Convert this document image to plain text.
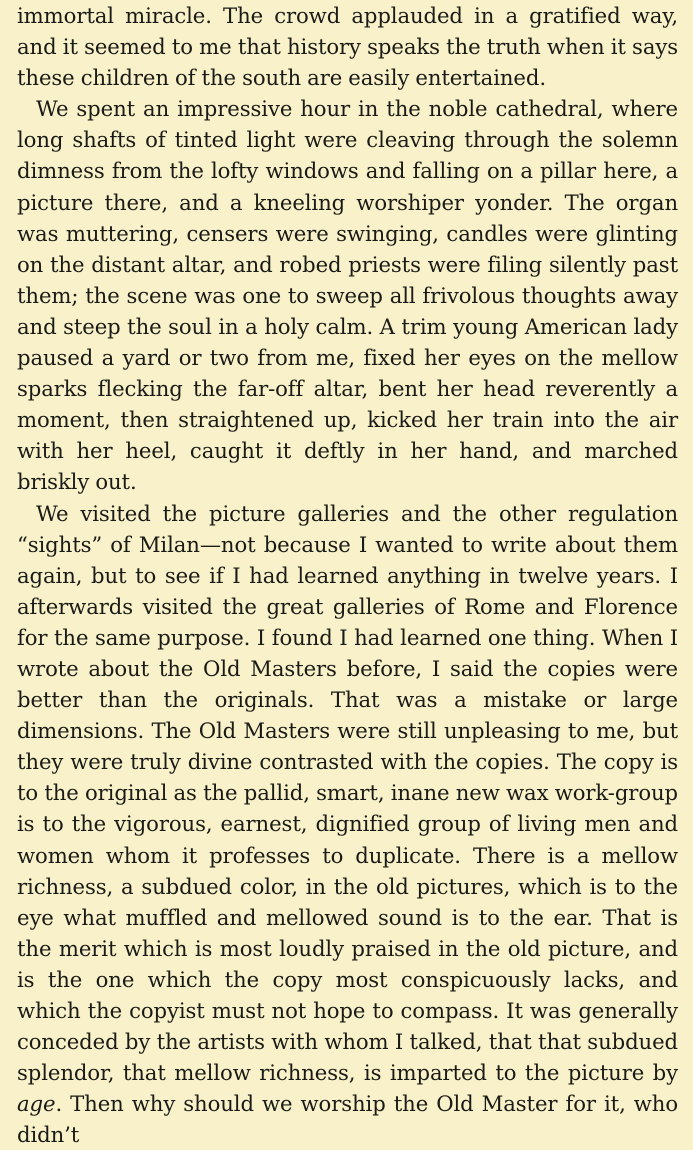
immortal miracle. The crowd applauded in a gratified way, and it seemed to me that history speaks the truth when it says these children of the south are easily entertained.

We spent an impressive hour in the noble cathedral, where long shafts of tinted light were cleaving through the solemn dimness from the lofty windows and falling on a pillar here, a picture there, and a kneeling worshiper yonder. The organ was muttering, censers were swinging, candles were glinting on the distant altar, and robed priests were filing silently past them; the scene was one to sweep all frivolous thoughts away and steep the soul in a holy calm. A trim young American lady paused a yard or two from me, fixed her eyes on the mellow sparks flecking the far-off altar, bent her head reverently a moment, then straightened up, kicked her train into the air with her heel, caught it deftly in her hand, and marched briskly out.

We visited the picture galleries and the other regulation “sights” of Milan—not because I wanted to write about them again, but to see if I had learned anything in twelve years. I afterwards visited the great galleries of Rome and Florence for the same purpose. I found I had learned one thing. When I wrote about the Old Masters before, I said the copies were better than the originals. That was a mistake or large dimensions. The Old Masters were still unpleasing to me, but they were truly divine contrasted with the copies. The copy is to the original as the pallid, smart, inane new wax work-group is to the vigorous, earnest, dignified group of living men and women whom it professes to duplicate. There is a mellow richness, a subdued color, in the old pictures, which is to the eye what muffled and mellowed sound is to the ear. That is the merit which is most loudly praised in the old picture, and is the one which the copy most conspicuously lacks, and which the copyist must not hope to compass. It was generally conceded by the artists with whom I talked, that that subdued splendor, that mellow richness, is imparted to the picture by age. Then why should we worship the Old Master for it, who didn’t
